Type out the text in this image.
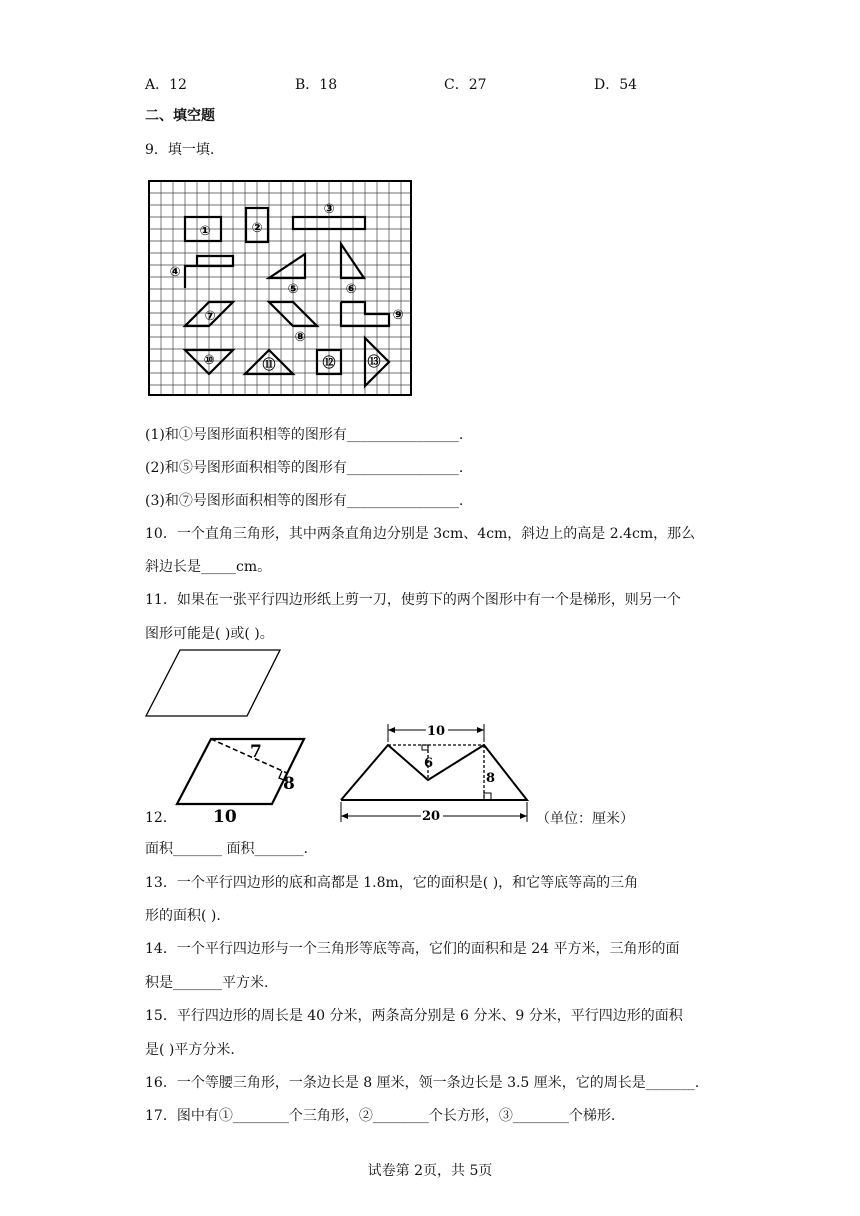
A．12	B．18	C．27	D．54
二、填空题
9．填一填.
①	②
③
④
⑤	⑥
⑦
⑧
⑨
⑩	⑪	⑫ ⑬
(1)和①号图形面积相等的图形有________________.
(2)和⑤号图形面积相等的图形有________________.
(3)和⑦号图形面积相等的图形有________________.
10．一个直角三角形，其中两条直角边分别是 3cm、4cm，斜边上的高是 2.4cm，那么
斜边长是_____cm。
11．如果在一张平行四边形纸上剪一刀，使剪下的两个图形中有一个是梯形，则另一个
图形可能是( )或( )。
12．
7
8
10
10
6
8
20	（单位：厘米）
面积_______ 面积_______.
13．一个平行四边形的底和高都是 1.8m，它的面积是( )，和它等底等高的三角
形的面积( ).
14．一个平行四边形与一个三角形等底等高，它们的面积和是 24 平方米，三角形的面
积是_______平方米.
15．平行四边形的周长是 40 分米，两条高分别是 6 分米、9 分米，平行四边形的面积
是( )平方分米.
16．一个等腰三角形，一条边长是 8 厘米，领一条边长是 3.5 厘米，它的周长是_______.
17．图中有①________个三角形，②________个长方形，③________个梯形.
试卷第 2页，共 5页
